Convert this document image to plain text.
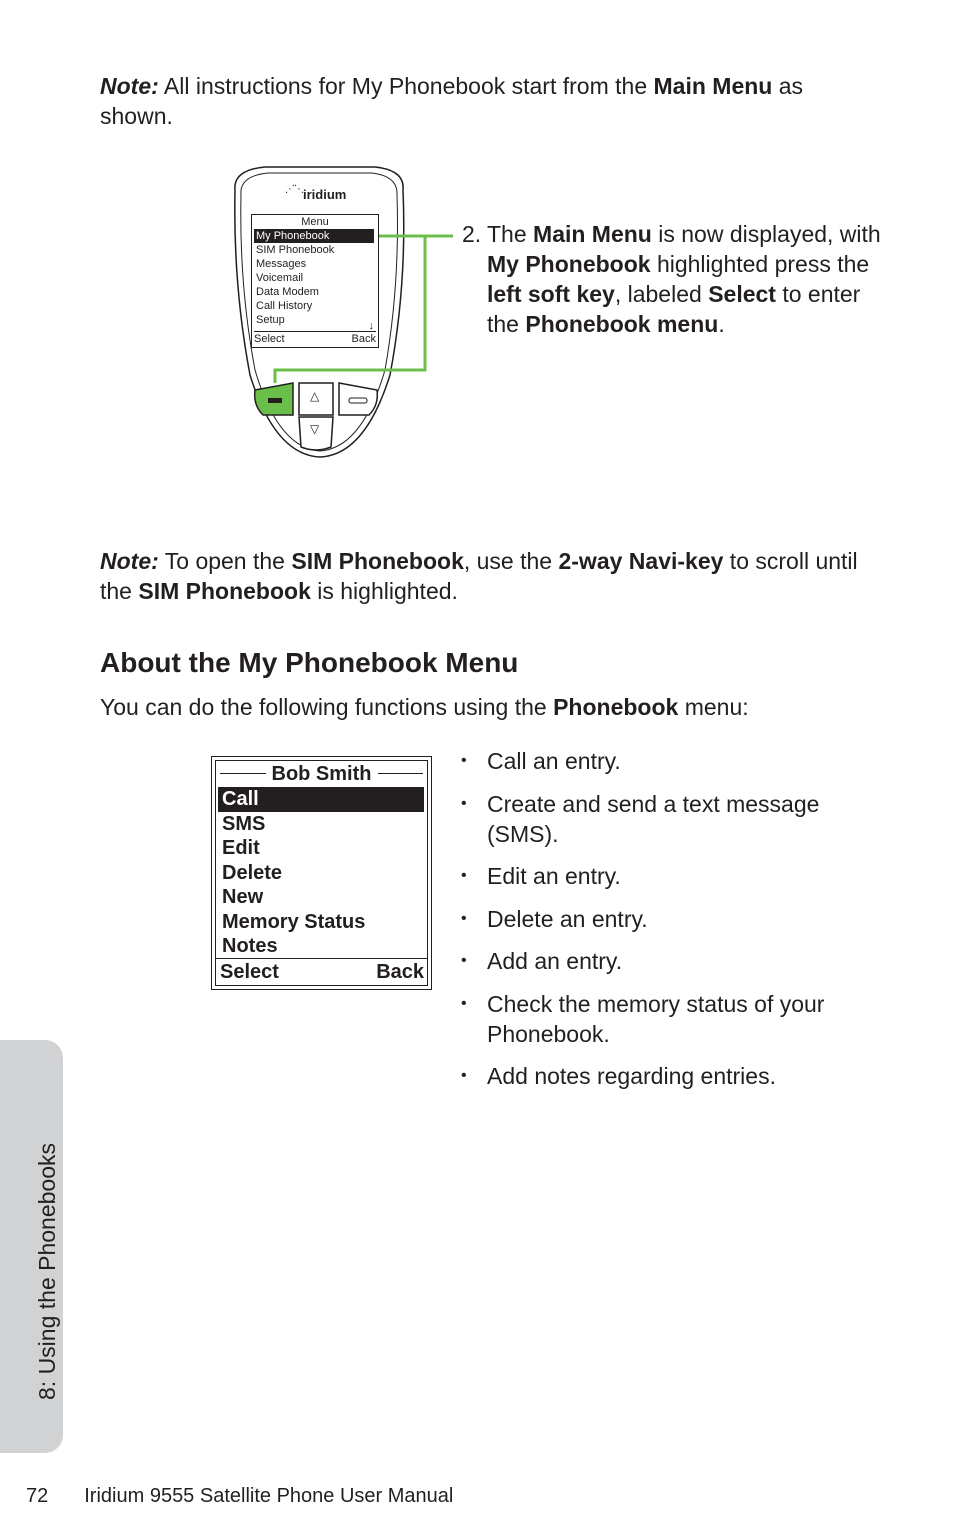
Note: All instructions for My Phonebook start from the Main Menu as shown.
iridium
⋰⋱
Menu
My Phonebook
SIM Phonebook
Messages
Voicemail
Data Modem
Call History
Setup	↓
Select	Back
△
▽
2. The Main Menu is now displayed, with My Phonebook highlighted press the left soft key, labeled Select to enter the Phonebook menu.
Note: To open the SIM Phonebook, use the 2-way Navi-key to scroll until the SIM Phonebook is highlighted.
About the My Phonebook Menu
You can do the following functions using the Phonebook menu:
Bob Smith
Call
SMS
Edit
Delete
New
Memory Status
Notes
Select	Back
• Call an entry.
• Create and send a text message (SMS).
• Edit an entry.
• Delete an entry.
• Add an entry.
• Check the memory status of your Phonebook.
• Add notes regarding entries.
8: Using the Phonebooks
72 Iridium 9555 Satellite Phone User Manual
